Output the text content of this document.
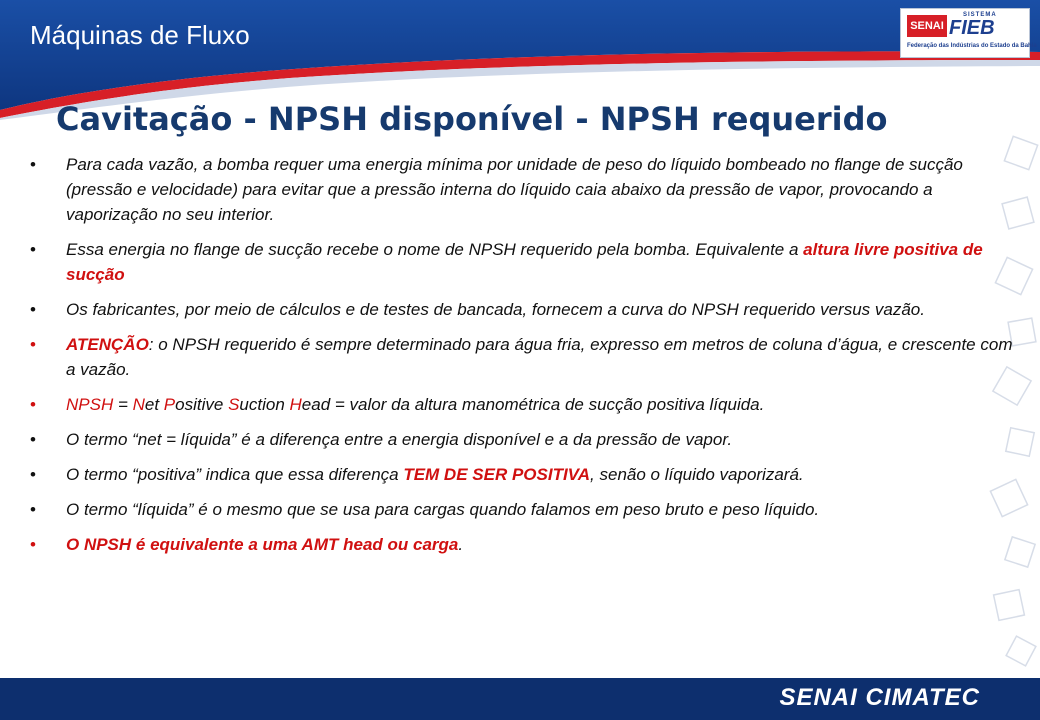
Máquinas de Fluxo	SENAI
SISTEMA
FIEB
Federação das Indústrias do Estado da Bahia
Cavitação - NPSH disponível - NPSH requerido
• Para cada vazão, a bomba requer uma energia mínima por unidade de peso do líquido bombeado no flange de sucção (pressão e velocidade) para evitar que a pressão interna do líquido caia abaixo da pressão de vapor, provocando a vaporização no seu interior.
• Essa energia no flange de sucção recebe o nome de NPSH requerido pela bomba. Equivalente a altura livre positiva de sucção
• Os fabricantes, por meio de cálculos e de testes de bancada, fornecem a curva do NPSH requerido versus vazão.
• ATENÇÃO: o NPSH requerido é sempre determinado para água fria, expresso em metros de coluna d’água, e crescente com a vazão.
• NPSH = Net Positive Suction Head = valor da altura manométrica de sucção positiva líquida.
• O termo “net = líquida” é a diferença entre a energia disponível e a da pressão de vapor.
• O termo “positiva” indica que essa diferença TEM DE SER POSITIVA, senão o líquido vaporizará.
• O termo “líquida” é o mesmo que se usa para cargas quando falamos em peso bruto e peso líquido.
• O NPSH é equivalente a uma AMT head ou carga.
SENAI CIMATEC
